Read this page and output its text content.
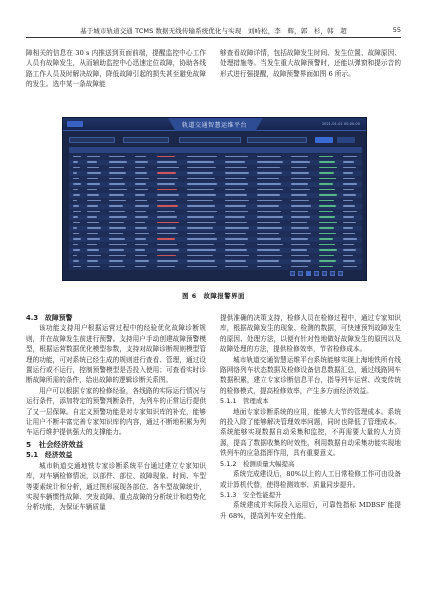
基于城市轨道交通 TCMS 数据无线传输系统优化与实现　刘峙松，李　辉，郭　杉，韩　超	55

障相关的信息在 30 s 内推送到页面前端，提醒监控中心工作人员有故障发生，从而辅助监控中心迅速定位故障，协助各线路工作人员及时解决故障，降低故障引起的损失甚至避免故障的发生。选中某一条故障能

够查看故障详情，包括故障发生时间、发生位置、故障原因、处理措施等。当发生重大故障预警时，还能以弹窗和提示音的形式进行强提醒，故障预警界面如图 6 所示。

轨道交通智慧运维平台	2021-01-01 00:00:00
图 6　故障报警界面

4.3　故障预警

该功能支持用户根据运营过程中的经验优化故障诊断规则，并在故障发生前进行预警。支持用户手动创建故障预警模型，根据运营数据优化模型参数，支持对故障诊断规则模型管理的功能，可对系统已经生成的规则进行查看、管理，通过设置运行或不运行，控制预警模型是否投入使用；可查看实时诊断故障所需的条件，给出故障的逻辑诊断关系图。

用户可以根据专家的检修经验，各线路的实际运行情况与运行条件，添加特定的预警判断条件，为列车的正常运行提供了又一层保障。自定义预警功能是对专家知识库的补充，能够让用户不断丰富完善专家知识库的内容，通过不断地积累为列车运行维护提供强大的支撑能力。

5　社会经济效益

5.1　经济效益

城市轨道交通地铁专家诊断系统平台通过建立专家知识库，对车辆检修情况，以部件、部位、故障现象、时间、车型等要素统计和分析，通过图形展现各部位、各车型故障统计，实现车辆惯性故障、突发故障、重点故障的分析统计和趋势化分析功能，为保证车辆质量

提供准确的决策支持，检修人员在检修过程中，通过专家知识库，根据故障发生的现象、检测的数据，可快速预判故障发生的原因、处理方法，以便有针对性地做好故障发生的原因以及故障处理的方法，提供检修效率，节省检修成本。

城市轨道交通智慧运维平台系统能够实现上海地铁所有线路网络列车状态数据及检修设备信息数据汇总，通过线路网车数据积累，建立专家诊断信息平台，指导列车运营、改变传统的检修模式，提高检修效率，产生多方面经济效益。

5.1.1　管理成本

地面专家诊断系统的应用，能够大大节约管理成本。系统的投入除了能够解决管理效率问题，同时也降低了管理成本。系统能够实现数据自动采集和监控，不再需要大量的人力资源，提高了数据收集的时效性，利用数据自动采集功能实现地铁列车的应急指挥作用，具有重要意义。

5.1.2　检测质量大幅提高

系统完成建设后，80%以上的人工日常检修工作可由设备或计算机代替，使得检测效率、质量同步提升。

5.1.3　安全性能提升

系统建成并实际投入运用后，可靠性指标 MDBSF 能提升 68%，提高列车安全性能。
